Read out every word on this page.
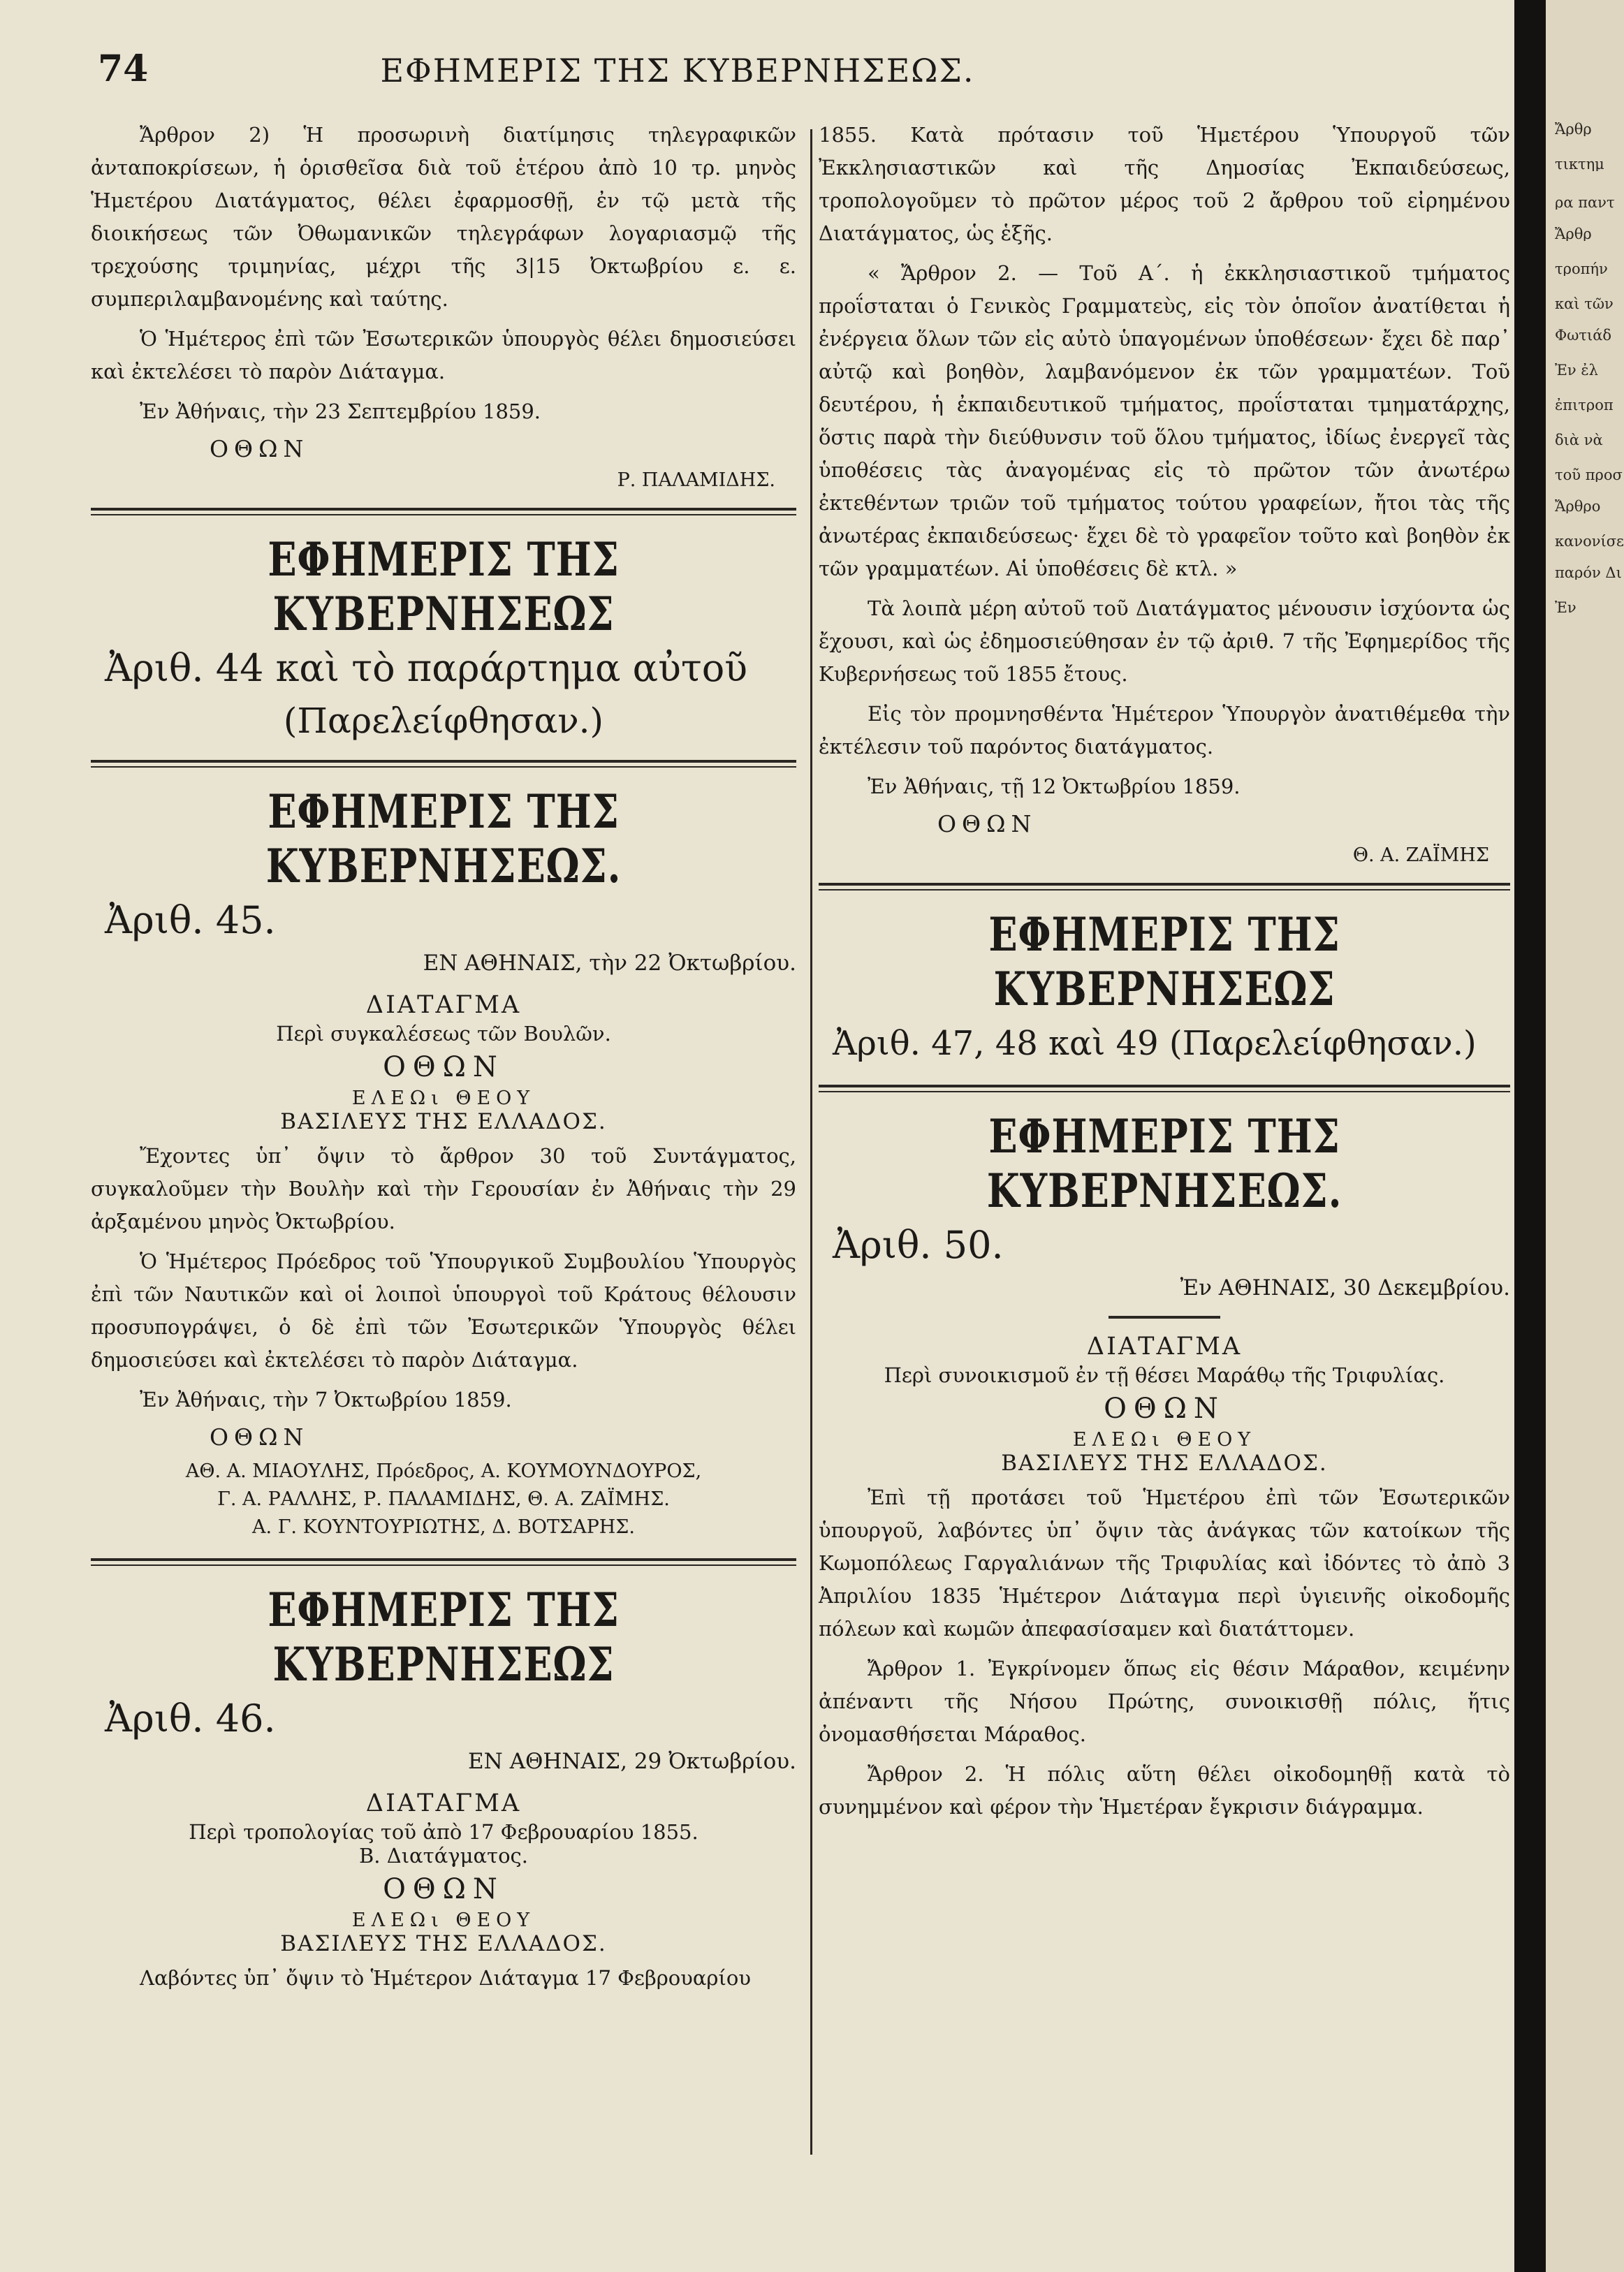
74	ΕΦΗΜΕΡΙΣ ΤΗΣ ΚΥΒΕΡΝΗΣΕΩΣ.

Ἄρθρον 2) Ἡ προσωρινὴ διατίμησις τηλεγραφικῶν ἀνταποκρίσεων, ἡ ὁρισθεῖσα διὰ τοῦ ἑτέρου ἀπὸ 10 τρ. μηνὸς Ἡμετέρου Διατάγματος, θέλει ἐφαρμοσθῇ, ἐν τῷ μετὰ τῆς διοικήσεως τῶν Ὀθωμανικῶν τηλεγράφων λογαριασμῷ τῆς τρεχούσης τριμηνίας, μέχρι τῆς 3|15 Ὀκτωβρίου ε. ε. συμπεριλαμβανομένης καὶ ταύτης.

Ὁ Ἡμέτερος ἐπὶ τῶν Ἐσωτερικῶν ὑπουργὸς θέλει δημοσιεύσει καὶ ἐκτελέσει τὸ παρὸν Διάταγμα.

Ἐν Ἀθήναις, τὴν 23 Σεπτεμβρίου 1859.

ΟΘΩΝ
Ρ. ΠΑΛΑΜΙΔΗΣ.
ΕΦΗΜΕΡΙΣ ΤΗΣ ΚΥΒΕΡΝΗΣΕΩΣ
Ἀριθ. 44 καὶ τὸ παράρτημα αὐτοῦ
(Παρελείφθησαν.)
ΕΦΗΜΕΡΙΣ ΤΗΣ ΚΥΒΕΡΝΗΣΕΩΣ.
Ἀριθ. 45.
ΕΝ ΑΘΗΝΑΙΣ, τὴν 22 Ὀκτωβρίου.
ΔΙΑΤΑΓΜΑ
Περὶ συγκαλέσεως τῶν Βουλῶν.
ΟΘΩΝ
ΕΛΕΩι ΘΕΟΥ
ΒΑΣΙΛΕΥΣ ΤΗΣ ΕΛΛΑΔΟΣ.

Ἔχοντες ὑπ᾿ ὄψιν τὸ ἄρθρον 30 τοῦ Συντάγματος, συγκαλοῦμεν τὴν Βουλὴν καὶ τὴν Γερουσίαν ἐν Ἀθήναις τὴν 29 ἀρξαμένου μηνὸς Ὀκτωβρίου.

Ὁ Ἡμέτερος Πρόεδρος τοῦ Ὑπουργικοῦ Συμβουλίου Ὑπουργὸς ἐπὶ τῶν Ναυτικῶν καὶ οἱ λοιποὶ ὑπουργοὶ τοῦ Κράτους θέλουσιν προσυπογράψει, ὁ δὲ ἐπὶ τῶν Ἐσωτερικῶν Ὑπουργὸς θέλει δημοσιεύσει καὶ ἐκτελέσει τὸ παρὸν Διάταγμα.

Ἐν Ἀθήναις, τὴν 7 Ὀκτωβρίου 1859.

ΟΘΩΝ
ΑΘ. Α. ΜΙΑΟΥΛΗΣ, Πρόεδρος, Α. ΚΟΥΜΟΥΝΔΟΥΡΟΣ,
Γ. Α. ΡΑΛΛΗΣ, Ρ. ΠΑΛΑΜΙΔΗΣ, Θ. Α. ΖΑΪΜΗΣ.
Α. Γ. ΚΟΥΝΤΟΥΡΙΩΤΗΣ, Δ. ΒΟΤΣΑΡΗΣ.
ΕΦΗΜΕΡΙΣ ΤΗΣ ΚΥΒΕΡΝΗΣΕΩΣ
Ἀριθ. 46.
ΕΝ ΑΘΗΝΑΙΣ, 29 Ὀκτωβρίου.
ΔΙΑΤΑΓΜΑ
Περὶ τροπολογίας τοῦ ἀπὸ 17 Φεβρουαρίου 1855.
Β. Διατάγματος.
ΟΘΩΝ
ΕΛΕΩι ΘΕΟΥ
ΒΑΣΙΛΕΥΣ ΤΗΣ ΕΛΛΑΔΟΣ.

Λαβόντες ὑπ᾿ ὄψιν τὸ Ἡμέτερον Διάταγμα 17 Φεβρουαρίου

1855. Κατὰ πρότασιν τοῦ Ἡμετέρου Ὑπουργοῦ τῶν Ἐκκλησιαστικῶν καὶ τῆς Δημοσίας Ἐκπαιδεύσεως, τροπολογοῦμεν τὸ πρῶτον μέρος τοῦ 2 ἄρθρου τοῦ εἰρημένου Διατάγματος, ὡς ἑξῆς.

« Ἄρθρον 2. — Τοῦ Α΄. ἡ ἐκκλησιαστικοῦ τμήματος προΐσταται ὁ Γενικὸς Γραμματεὺς, εἰς τὸν ὁποῖον ἀνατίθεται ἡ ἐνέργεια ὅλων τῶν εἰς αὐτὸ ὑπαγομένων ὑποθέσεων· ἔχει δὲ παρ᾿ αὐτῷ καὶ βοηθὸν, λαμβανόμενον ἐκ τῶν γραμματέων. Τοῦ δευτέρου, ἡ ἐκπαιδευτικοῦ τμήματος, προΐσταται τμηματάρχης, ὅστις παρὰ τὴν διεύθυνσιν τοῦ ὅλου τμήματος, ἰδίως ἐνεργεῖ τὰς ὑποθέσεις τὰς ἀναγομένας εἰς τὸ πρῶτον τῶν ἀνωτέρω ἐκτεθέντων τριῶν τοῦ τμήματος τούτου γραφείων, ἤτοι τὰς τῆς ἀνωτέρας ἐκπαιδεύσεως· ἔχει δὲ τὸ γραφεῖον τοῦτο καὶ βοηθὸν ἐκ τῶν γραμματέων. Αἱ ὑποθέσεις δὲ κτλ. »

Τὰ λοιπὰ μέρη αὐτοῦ τοῦ Διατάγματος μένουσιν ἰσχύοντα ὡς ἔχουσι, καὶ ὡς ἐδημοσιεύθησαν ἐν τῷ ἀριθ. 7 τῆς Ἐφημερίδος τῆς Κυβερνήσεως τοῦ 1855 ἔτους.

Εἰς τὸν προμνησθέντα Ἡμέτερον Ὑπουργὸν ἀνατιθέμεθα τὴν ἐκτέλεσιν τοῦ παρόντος διατάγματος.

Ἐν Ἀθήναις, τῇ 12 Ὀκτωβρίου 1859.

ΟΘΩΝ
Θ. Α. ΖΑΪΜΗΣ
ΕΦΗΜΕΡΙΣ ΤΗΣ ΚΥΒΕΡΝΗΣΕΩΣ
Ἀριθ. 47, 48 καὶ 49 (Παρελείφθησαν.)
ΕΦΗΜΕΡΙΣ ΤΗΣ ΚΥΒΕΡΝΗΣΕΩΣ.
Ἀριθ. 50.
Ἐν ΑΘΗΝΑΙΣ, 30 Δεκεμβρίου.
ΔΙΑΤΑΓΜΑ
Περὶ συνοικισμοῦ ἐν τῇ θέσει Μαράθῳ τῆς Τριφυλίας.
ΟΘΩΝ
ΕΛΕΩι ΘΕΟΥ
ΒΑΣΙΛΕΥΣ ΤΗΣ ΕΛΛΑΔΟΣ.

Ἐπὶ τῇ προτάσει τοῦ Ἡμετέρου ἐπὶ τῶν Ἐσωτερικῶν ὑπουργοῦ, λαβόντες ὑπ᾿ ὄψιν τὰς ἀνάγκας τῶν κατοίκων τῆς Κωμοπόλεως Γαργαλιάνων τῆς Τριφυλίας καὶ ἰδόντες τὸ ἀπὸ 3 Ἀπριλίου 1835 Ἡμέτερον Διάταγμα περὶ ὑγιεινῆς οἰκοδομῆς πόλεων καὶ κωμῶν ἀπεφασίσαμεν καὶ διατάττομεν.

Ἄρθρον 1. Ἐγκρίνομεν ὅπως εἰς θέσιν Μάραθον, κειμένην ἀπέναντι τῆς Νήσου Πρώτης, συνοικισθῇ πόλις, ἥτις ὀνομασθήσεται Μάραθος.

Ἄρθρον 2. Ἡ πόλις αὕτη θέλει οἰκοδομηθῇ κατὰ τὸ συνημμένον καὶ φέρον τὴν Ἡμετέραν ἔγκρισιν διάγραμμα.

Ἄρθρ
τικτημ
ρα παντ
Ἄρθρ
τροπήν
καὶ τῶν
Φωτιάδ
Ἐν ἐλ
ἐπιτροπ
διὰ νὰ
τοῦ προσ
Ἄρθρο
κανονίσε
παρόν Δι
Ἐν
